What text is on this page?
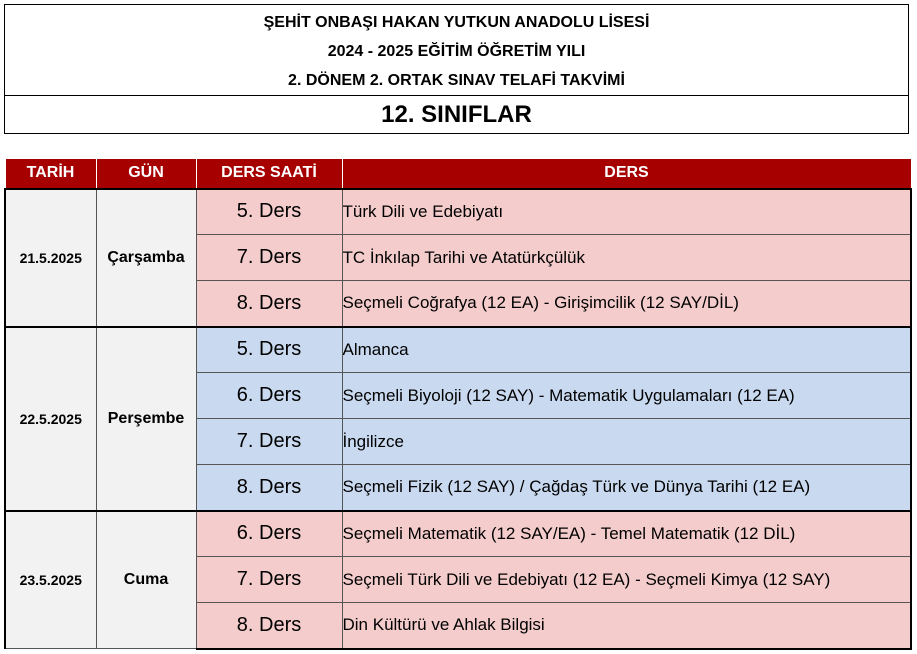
ŞEHİT ONBAŞI HAKAN YUTKUN ANADOLU LİSESİ
2024 - 2025 EĞİTİM ÖĞRETİM YILI
2. DÖNEM 2. ORTAK SINAV TELAFİ TAKVİMİ
12. SINIFLAR
TARİH	GÜN	DERS SAATİ	DERS
21.5.2025	Çarşamba	5. Ders	Türk Dili ve Edebiyatı
		7. Ders	TC İnkılap Tarihi ve Atatürkçülük
		8. Ders	Seçmeli Coğrafya (12 EA) - Girişimcilik (12 SAY/DİL)
22.5.2025	Perşembe	5. Ders	Almanca
		6. Ders	Seçmeli Biyoloji (12 SAY) - Matematik Uygulamaları (12 EA)
		7. Ders	İngilizce
		8. Ders	Seçmeli Fizik (12 SAY) / Çağdaş Türk ve Dünya Tarihi (12 EA)
23.5.2025	Cuma	6. Ders	Seçmeli Matematik (12 SAY/EA) - Temel Matematik (12 DİL)
		7. Ders	Seçmeli Türk Dili ve Edebiyatı (12 EA) - Seçmeli Kimya (12 SAY)
		8. Ders	Din Kültürü ve Ahlak Bilgisi
